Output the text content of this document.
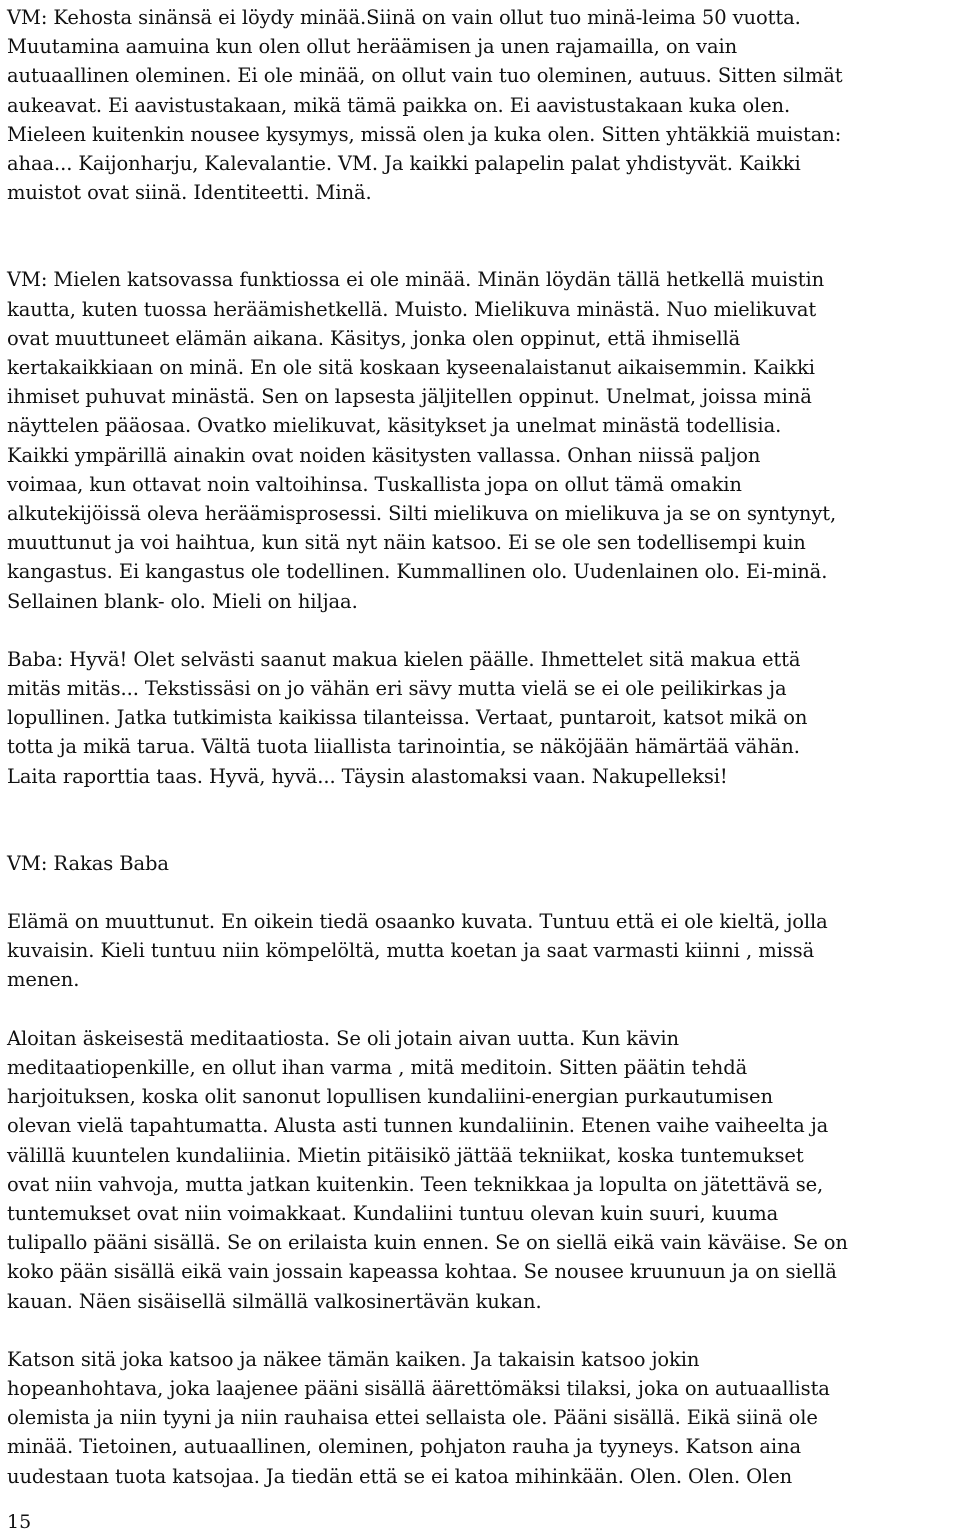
VM: Kehosta sinänsä ei löydy minää.Siinä on vain ollut tuo minä-leima 50 vuotta.
Muutamina aamuina kun olen ollut heräämisen ja unen rajamailla, on vain
autuaallinen oleminen. Ei ole minää, on ollut vain tuo oleminen, autuus. Sitten silmät
aukeavat. Ei aavistustakaan, mikä tämä paikka on. Ei aavistustakaan kuka olen.
Mieleen kuitenkin nousee kysymys, missä olen ja kuka olen. Sitten yhtäkkiä muistan:
ahaa... Kaijonharju, Kalevalantie. VM. Ja kaikki palapelin palat yhdistyvät. Kaikki
muistot ovat siinä. Identiteetti. Minä.

VM: Mielen katsovassa funktiossa ei ole minää. Minän löydän tällä hetkellä muistin
kautta, kuten tuossa heräämishetkellä. Muisto. Mielikuva minästä. Nuo mielikuvat
ovat muuttuneet elämän aikana. Käsitys, jonka olen oppinut, että ihmisellä
kertakaikkiaan on minä. En ole sitä koskaan kyseenalaistanut aikaisemmin. Kaikki
ihmiset puhuvat minästä. Sen on lapsesta jäljitellen oppinut. Unelmat, joissa minä
näyttelen pääosaa. Ovatko mielikuvat, käsitykset ja unelmat minästä todellisia.
Kaikki ympärillä ainakin ovat noiden käsitysten vallassa. Onhan niissä paljon
voimaa, kun ottavat noin valtoihinsa. Tuskallista jopa on ollut tämä omakin
alkutekijöissä oleva heräämisprosessi. Silti mielikuva on mielikuva ja se on syntynyt,
muuttunut ja voi haihtua, kun sitä nyt näin katsoo. Ei se ole sen todellisempi kuin
kangastus. Ei kangastus ole todellinen. Kummallinen olo. Uudenlainen olo. Ei-minä.
Sellainen blank- olo. Mieli on hiljaa.

Baba: Hyvä! Olet selvästi saanut makua kielen päälle. Ihmettelet sitä makua että
mitäs mitäs... Tekstissäsi on jo vähän eri sävy mutta vielä se ei ole peilikirkas ja
lopullinen. Jatka tutkimista kaikissa tilanteissa. Vertaat, puntaroit, katsot mikä on
totta ja mikä tarua. Vältä tuota liiallista tarinointia, se näköjään hämärtää vähän.
Laita raporttia taas. Hyvä, hyvä... Täysin alastomaksi vaan. Nakupelleksi!

VM: Rakas Baba

Elämä on muuttunut. En oikein tiedä osaanko kuvata. Tuntuu että ei ole kieltä, jolla
kuvaisin. Kieli tuntuu niin kömpelöltä, mutta koetan ja saat varmasti kiinni , missä
menen.

Aloitan äskeisestä meditaatiosta. Se oli jotain aivan uutta. Kun kävin
meditaatiopenkille, en ollut ihan varma , mitä meditoin. Sitten päätin tehdä
harjoituksen, koska olit sanonut lopullisen kundaliini-energian purkautumisen
olevan vielä tapahtumatta. Alusta asti tunnen kundaliinin. Etenen vaihe vaiheelta ja
välillä kuuntelen kundaliinia. Mietin pitäisikö jättää tekniikat, koska tuntemukset
ovat niin vahvoja, mutta jatkan kuitenkin. Teen teknikkaa ja lopulta on jätettävä se,
tuntemukset ovat niin voimakkaat. Kundaliini tuntuu olevan kuin suuri, kuuma
tulipallo pääni sisällä. Se on erilaista kuin ennen. Se on siellä eikä vain käväise. Se on
koko pään sisällä eikä vain jossain kapeassa kohtaa. Se nousee kruunuun ja on siellä
kauan. Näen sisäisellä silmällä valkosinertävän kukan.

Katson sitä joka katsoo ja näkee tämän kaiken. Ja takaisin katsoo jokin
hopeanhohtava, joka laajenee pääni sisällä äärettömäksi tilaksi, joka on autuaallista
olemista ja niin tyyni ja niin rauhaisa ettei sellaista ole. Pääni sisällä. Eikä siinä ole
minää. Tietoinen, autuaallinen, oleminen, pohjaton rauha ja tyyneys. Katson aina
uudestaan tuota katsojaa. Ja tiedän että se ei katoa mihinkään. Olen. Olen. Olen

15
